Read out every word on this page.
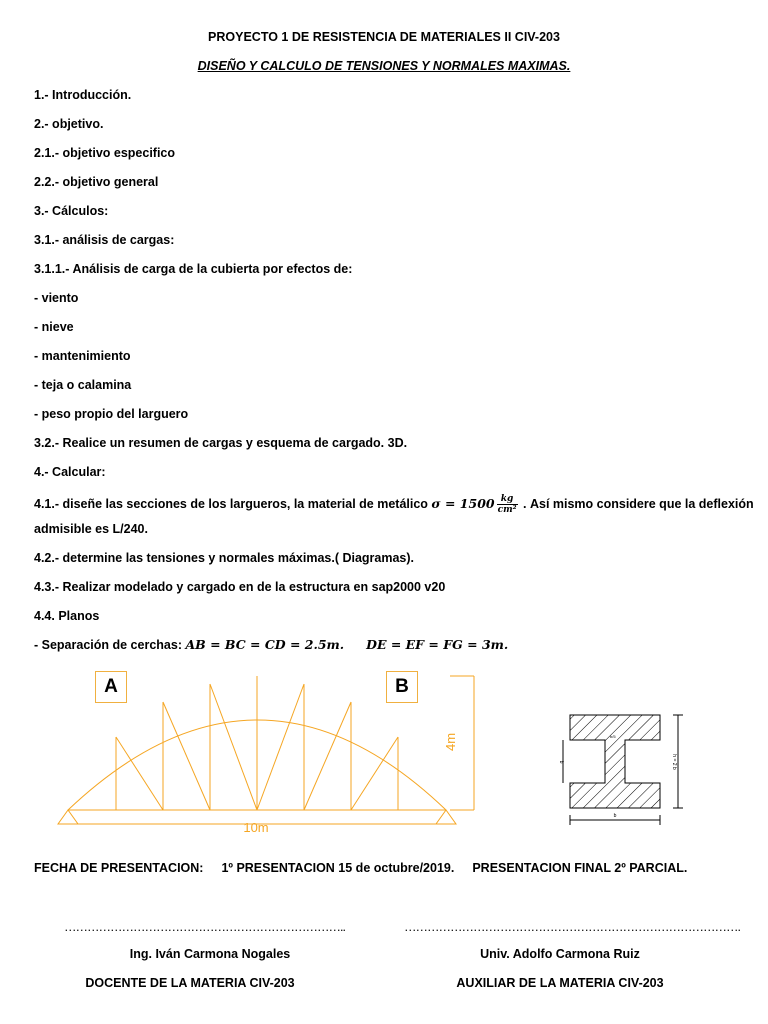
PROYECTO 1 DE RESISTENCIA DE MATERIALES II CIV-203
DISEÑO Y CALCULO DE TENSIONES Y NORMALES MAXIMAS.
1.- Introducción.
2.- objetivo.
2.1.- objetivo especifico
2.2.- objetivo general
3.- Cálculos:
3.1.- análisis de cargas:
3.1.1.- Análisis de carga de la cubierta por efectos de:
- viento
- nieve
- mantenimiento
- teja o calamina
- peso propio del larguero
3.2.- Realice un resumen de cargas y esquema de cargado. 3D.
4.- Calcular:
4.1.- diseñe las secciones de los largueros, la material de metálico $\sigma = 1500 \frac{kg}{\text{cm²}}$ . Así mismo considere que la deflexión
admisible es L/240.
4.2.- determine las tensiones y normales máximas.( Diagramas).
4.3.- Realizar modelado y cargado en de la estructura en sap2000 v20
4.4. Planos
- Separación de cerchas: AB = BC = CD = 2.5m. DE = EF = FG = 3m.
10m
4m
A	B
b
h = 2 b
b
b/5
FECHA DE PRESENTACION: 1º PRESENTACION 15 de octubre/2019. PRESENTACION FINAL 2º PARCIAL.
………………………………………………………………..	…………………………………………………………………………….
Ing. Iván Carmona Nogales
DOCENTE DE LA MATERIA CIV-203
Univ. Adolfo Carmona Ruiz
AUXILIAR DE LA MATERIA CIV-203
